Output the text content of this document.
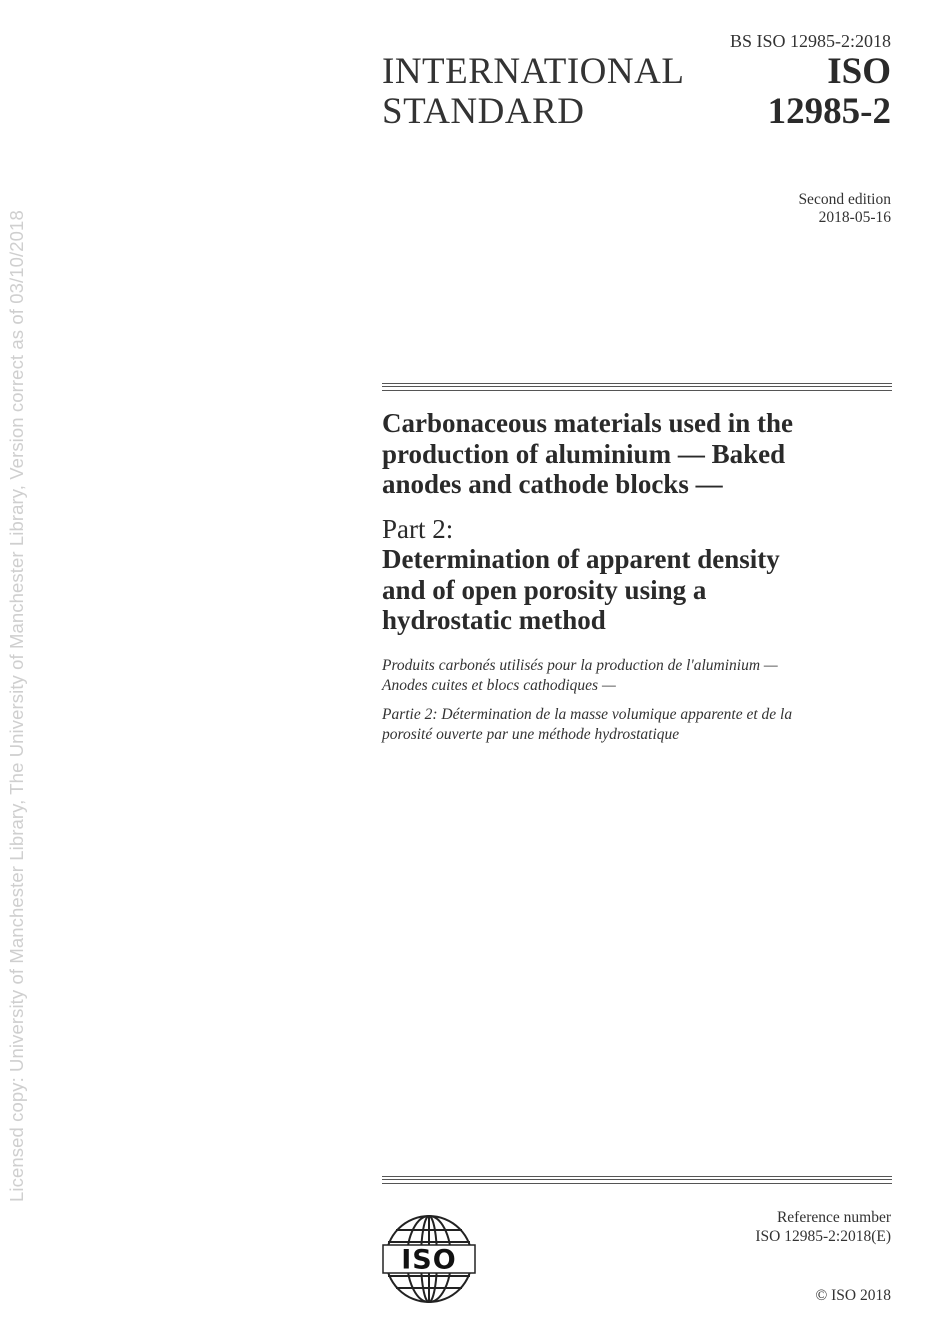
Licensed copy: University of Manchester Library, The University of Manchester Library, Version correct as of 03/10/2018
BS ISO 12985-2:2018
INTERNATIONAL
STANDARD
ISO
12985-2
Second edition
2018-05-16
Carbonaceous materials used in the
production of aluminium — Baked
anodes and cathode blocks —
Part 2:
Determination of apparent density
and of open porosity using a
hydrostatic method
Produits carbonés utilisés pour la production de l'aluminium —
Anodes cuites et blocs cathodiques —
Partie 2: Détermination de la masse volumique apparente et de la
porosité ouverte par une méthode hydrostatique
ISO
Reference number
ISO 12985-2:2018(E)
© ISO 2018
